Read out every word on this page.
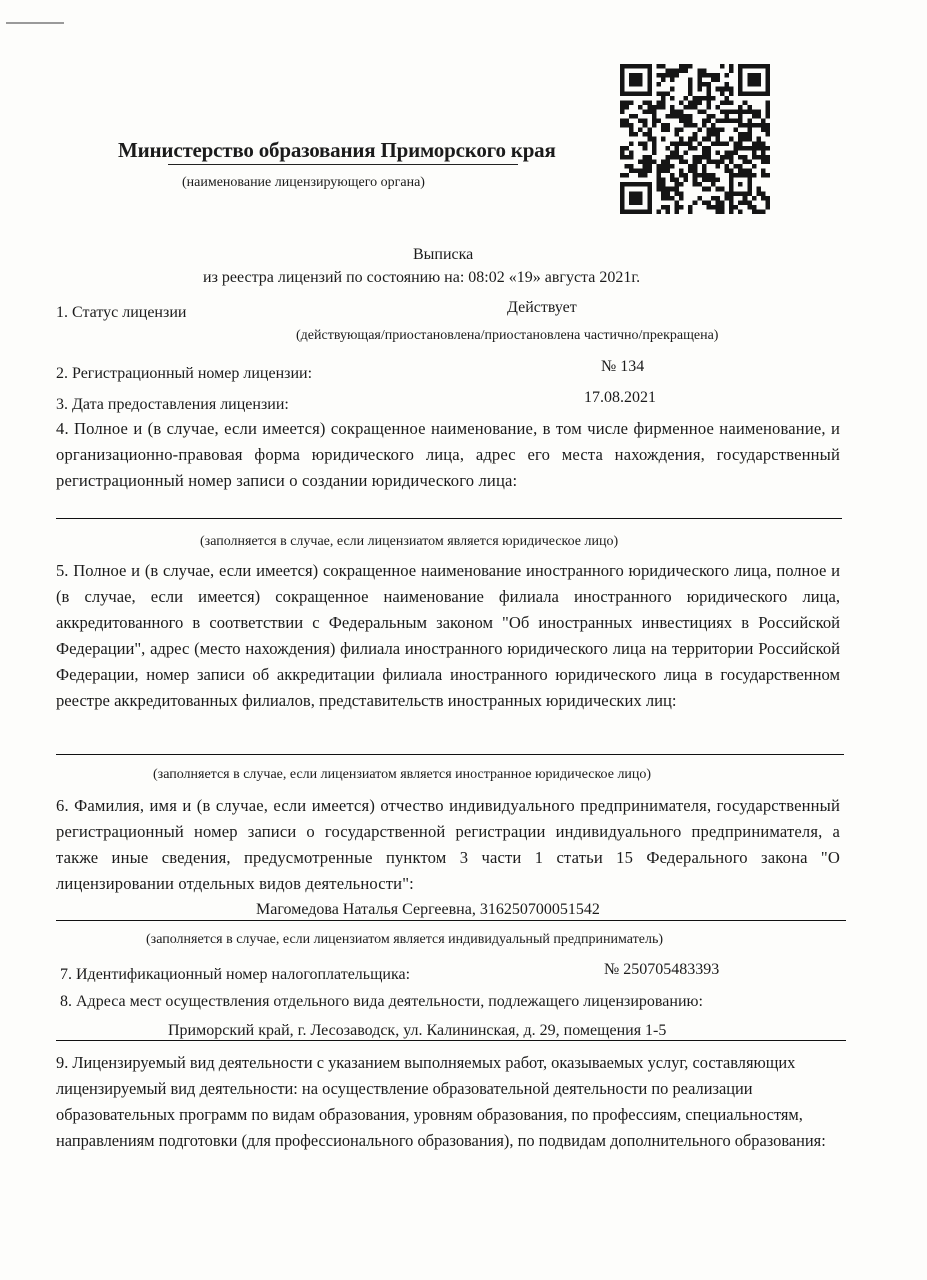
Министерство образования Приморского края
(наименование лицензирующего органа)
Выписка
из реестра лицензий по состоянию на: 08:02 «19» августа 2021г.
1. Статус лицензии	Действует
(действующая/приостановлена/приостановлена частично/прекращена)
2. Регистрационный номер лицензии:	№ 134
3. Дата предоставления лицензии:	17.08.2021
4. Полное и (в случае, если имеется) сокращенное наименование, в том числе фирменное наименование, и организационно-правовая форма юридического лица, адрес его места нахождения, государственный регистрационный номер записи о создании юридического лица:
(заполняется в случае, если лицензиатом является юридическое лицо)
5. Полное и (в случае, если имеется) сокращенное наименование иностранного юридического лица, полное и (в случае, если имеется) сокращенное наименование филиала иностранного юридического лица, аккредитованного в соответствии с Федеральным законом "Об иностранных инвестициях в Российской Федерации", адрес (место нахождения) филиала иностранного юридического лица на территории Российской Федерации, номер записи об аккредитации филиала иностранного юридического лица в государственном реестре аккредитованных филиалов, представительств иностранных юридических лиц:
(заполняется в случае, если лицензиатом является иностранное юридическое лицо)
6. Фамилия, имя и (в случае, если имеется) отчество индивидуального предпринимателя, государственный регистрационный номер записи о государственной регистрации индивидуального предпринимателя, а также иные сведения, предусмотренные пунктом 3 части 1 статьи 15 Федерального закона "О лицензировании отдельных видов деятельности":
Магомедова Наталья Сергеевна, 316250700051542
(заполняется в случае, если лицензиатом является индивидуальный предприниматель)
7. Идентификационный номер налогоплательщика:	№ 250705483393
8. Адреса мест осуществления отдельного вида деятельности, подлежащего лицензированию:
Приморский край, г. Лесозаводск, ул. Калининская, д. 29, помещения 1-5
9. Лицензируемый вид деятельности с указанием выполняемых работ, оказываемых услуг, составляющих лицензируемый вид деятельности: на осуществление образовательной деятельности по реализации образовательных программ по видам образования, уровням образования, по профессиям, специальностям, направлениям подготовки (для профессионального образования), по подвидам дополнительного образования:
